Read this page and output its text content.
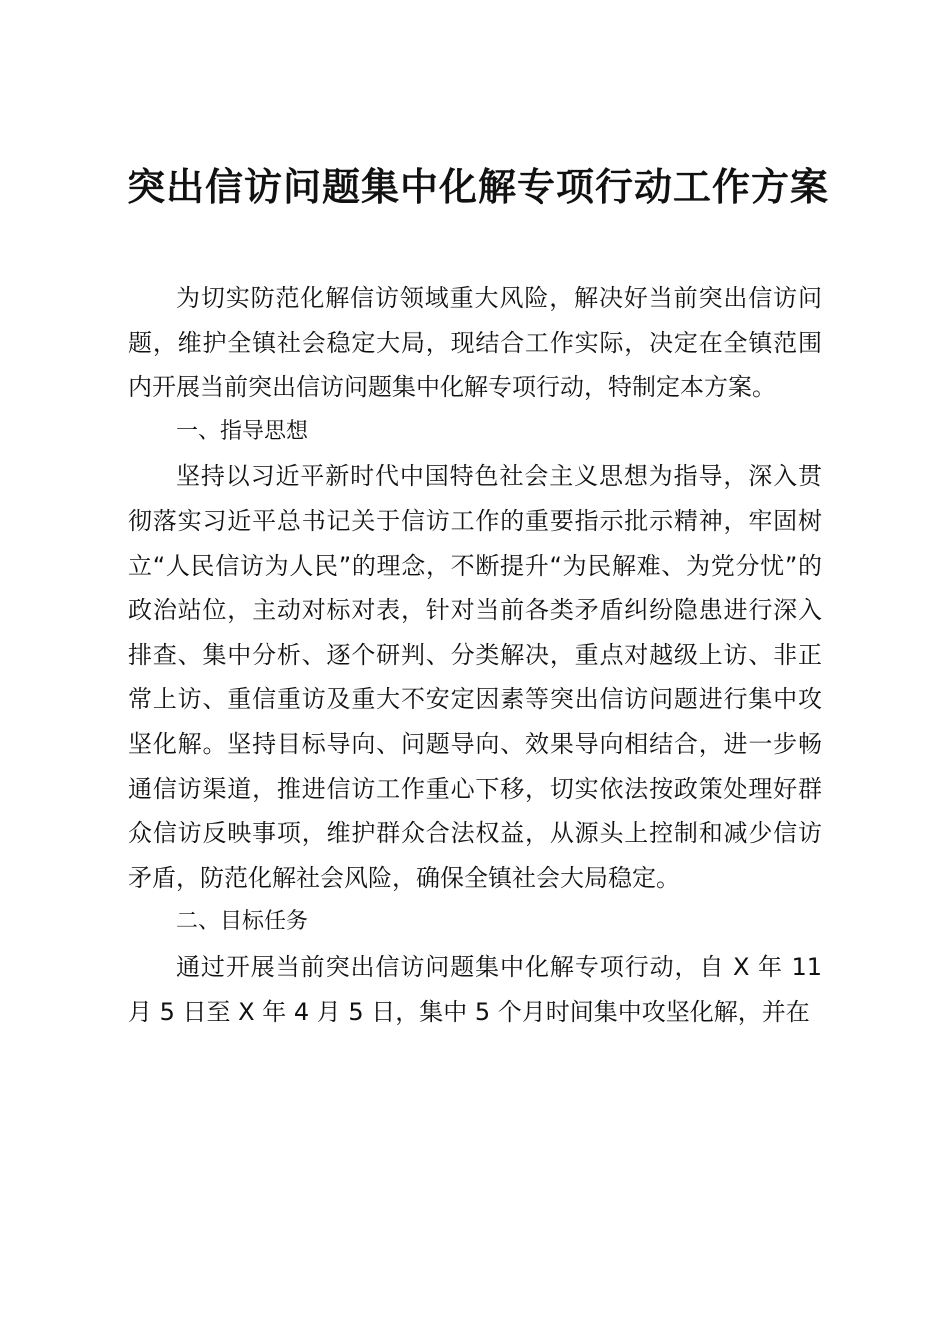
突出信访问题集中化解专项行动工作方案

为切实防范化解信访领域重大风险，解决好当前突出信访问题，维护全镇社会稳定大局，现结合工作实际，决定在全镇范围内开展当前突出信访问题集中化解专项行动，特制定本方案。

一、指导思想

坚持以习近平新时代中国特色社会主义思想为指导，深入贯彻落实习近平总书记关于信访工作的重要指示批示精神，牢固树立“人民信访为人民”的理念，不断提升“为民解难、为党分忧”的政治站位，主动对标对表，针对当前各类矛盾纠纷隐患进行深入排查、集中分析、逐个研判、分类解决，重点对越级上访、非正常上访、重信重访及重大不安定因素等突出信访问题进行集中攻坚化解。坚持目标导向、问题导向、效果导向相结合，进一步畅通信访渠道，推进信访工作重心下移，切实依法按政策处理好群众信访反映事项，维护群众合法权益，从源头上控制和减少信访矛盾，防范化解社会风险，确保全镇社会大局稳定。

二、目标任务

通过开展当前突出信访问题集中化解专项行动，自 X 年 11 月 5 日至 X 年 4 月 5 日，集中 5 个月时间集中攻坚化解，并在
